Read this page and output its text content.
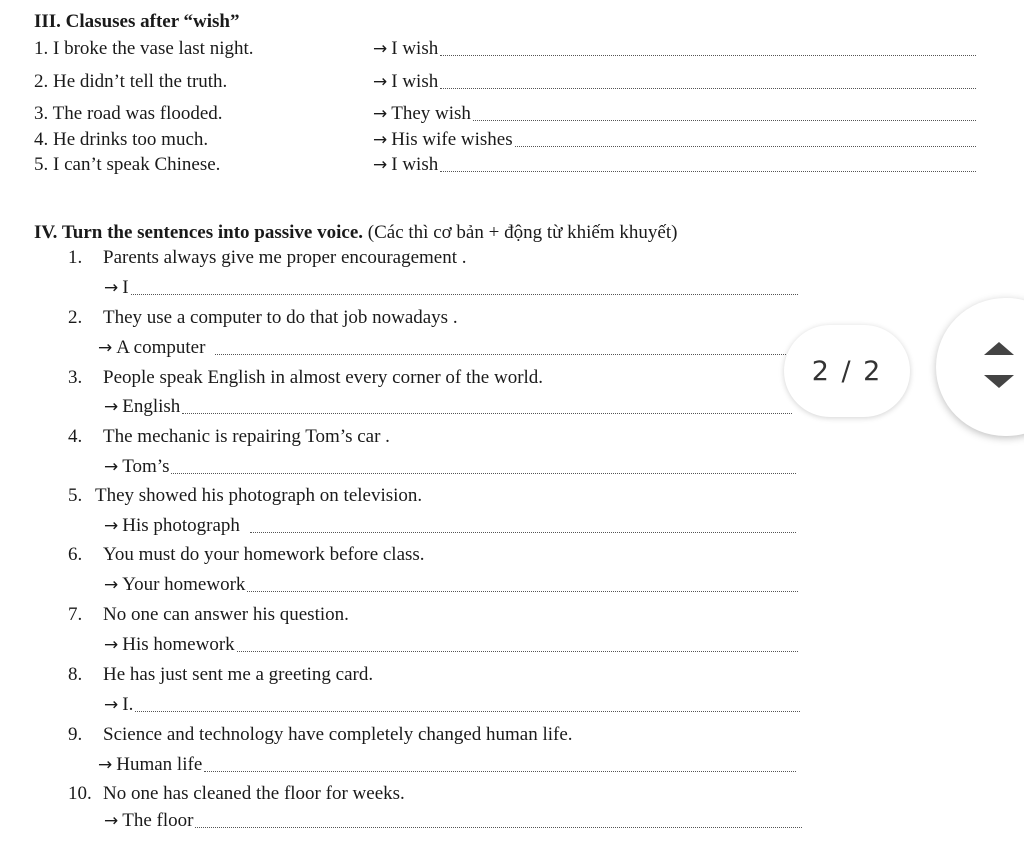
III. Clasuses after “wish”
1. I broke the vase last night.	→ I wish
2. He didn’t tell the truth.	→ I wish
3. The road was flooded.	→ They wish
4. He drinks too much.	→ His wife wishes
5. I can’t speak Chinese.	→ I wish
IV. Turn the sentences into passive voice. (Các thì cơ bản + động từ khiếm khuyết)
1. Parents always give me proper encouragement .
→ I
2. They use a computer to do that job nowadays .
→ A computer
3. People speak English in almost every corner of the world.
→ English
4. The mechanic is repairing Tom’s car .
→ Tom’s
5. They showed his photograph on television.
→ His photograph
6. You must do your homework before class.
→ Your homework
7. No one can answer his question.
→ His homework
8. He has just sent me a greeting card.
→ I.
9. Science and technology have completely changed human life.
→ Human life
10. No one has cleaned the floor for weeks.
→ The floor
2 / 2
